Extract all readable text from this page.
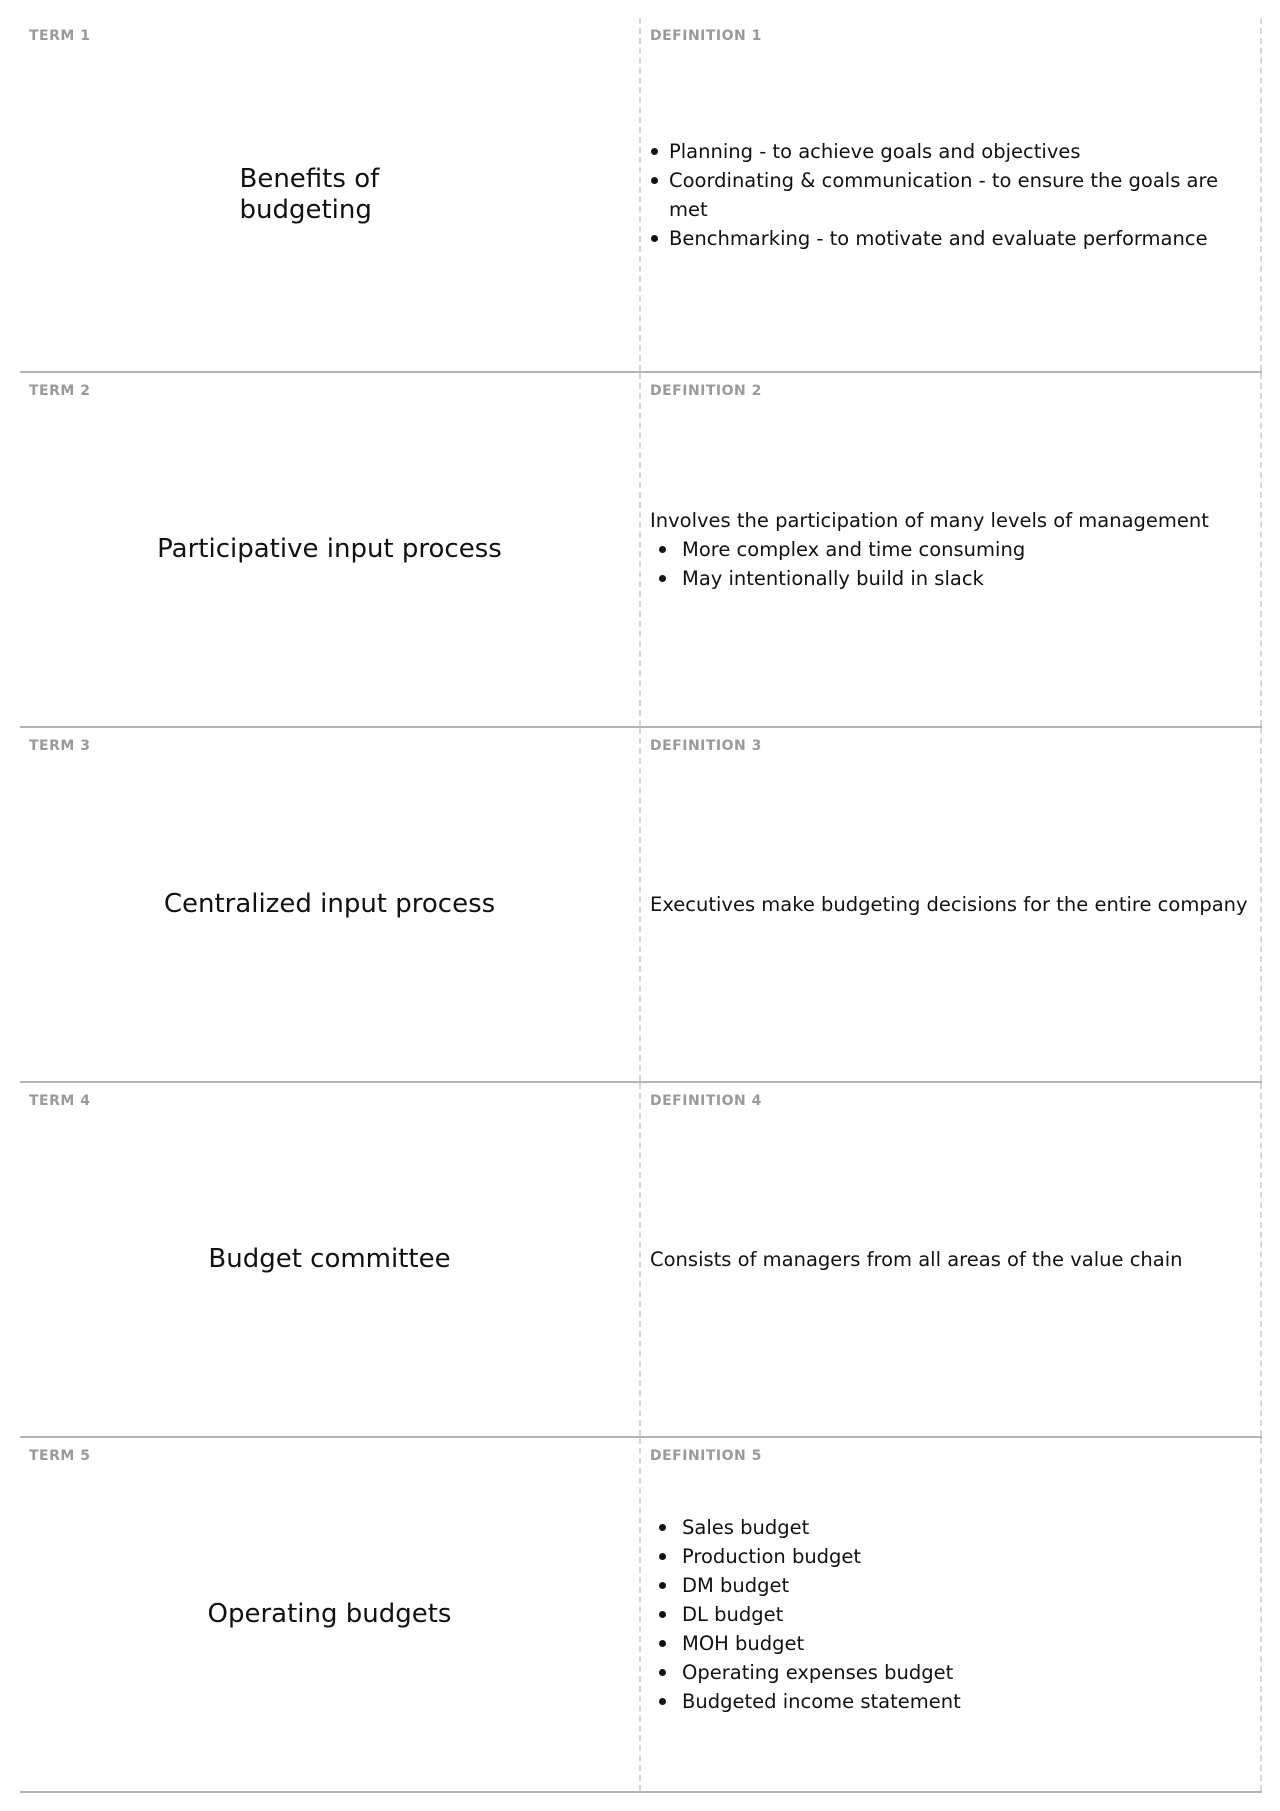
TERM 1
Benefits of budgeting
DEFINITION 1
Planning - to achieve goals and objectives
Coordinating & communication - to ensure the goals are met
Benchmarking - to motivate and evaluate performance
TERM 2
Participative input process
DEFINITION 2
Involves the participation of many levels of management
More complex and time consuming
May intentionally build in slack
TERM 3
Centralized input process
DEFINITION 3
Executives make budgeting decisions for the entire company
TERM 4
Budget committee
DEFINITION 4
Consists of managers from all areas of the value chain
TERM 5
Operating budgets
DEFINITION 5
Sales budget
Production budget
DM budget
DL budget
MOH budget
Operating expenses budget
Budgeted income statement
